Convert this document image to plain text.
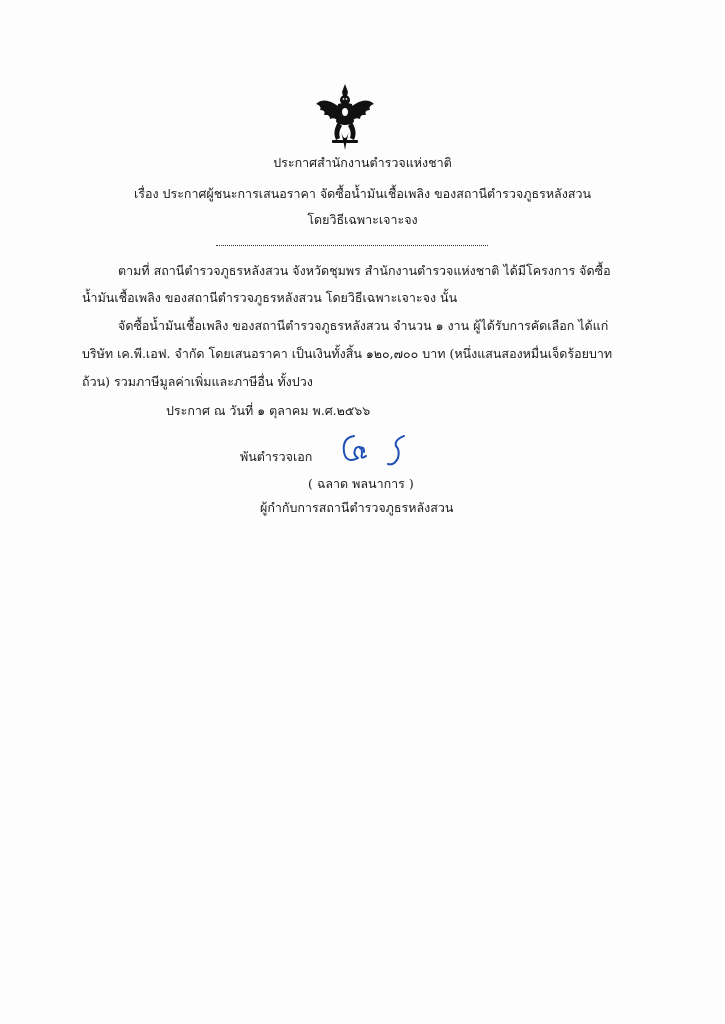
ประกาศสำนักงานตำรวจแห่งชาติ
เรื่อง ประกาศผู้ชนะการเสนอราคา จัดซื้อน้ำมันเชื้อเพลิง ของสถานีตำรวจภูธรหลังสวน
โดยวิธีเฉพาะเจาะจง
ตามที่ สถานีตำรวจภูธรหลังสวน จังหวัดชุมพร สำนักงานตำรวจแห่งชาติ ได้มีโครงการ จัดซื้อ
น้ำมันเชื้อเพลิง ของสถานีตำรวจภูธรหลังสวน โดยวิธีเฉพาะเจาะจง นั้น
จัดซื้อน้ำมันเชื้อเพลิง ของสถานีตำรวจภูธรหลังสวน จำนวน ๑ งาน ผู้ได้รับการคัดเลือก ได้แก่
บริษัท เค.พี.เอฟ. จำกัด โดยเสนอราคา เป็นเงินทั้งสิ้น ๑๒๐,๗๐๐ บาท (หนึ่งแสนสองหมื่นเจ็ดร้อยบาท
ถ้วน) รวมภาษีมูลค่าเพิ่มและภาษีอื่น ทั้งปวง
ประกาศ ณ วันที่ ๑ ตุลาคม พ.ศ.๒๕๖๖
พันตำรวจเอก
( ฉลาด พลนาการ )
ผู้กำกับการสถานีตำรวจภูธรหลังสวน
